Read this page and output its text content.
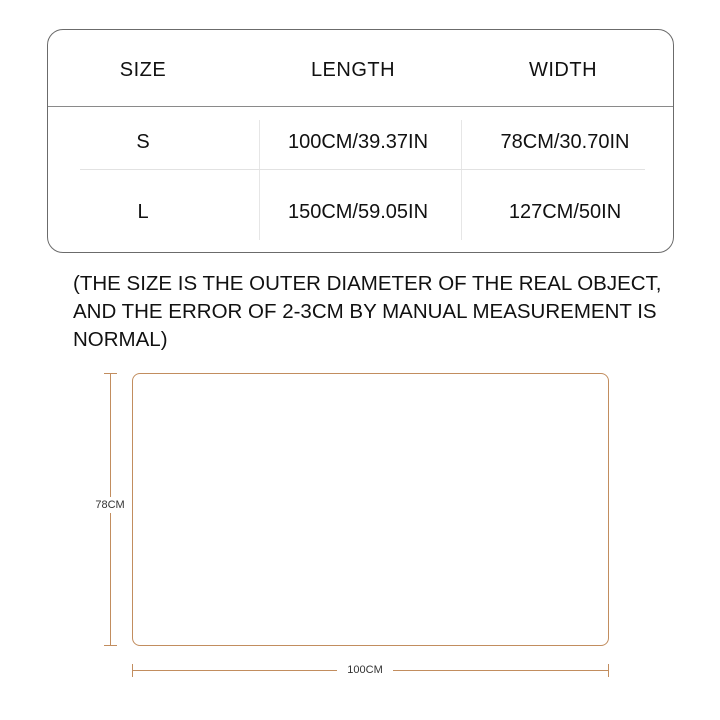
SIZE	LENGTH	WIDTH
S	100CM/39.37IN	78CM/30.70IN
L	150CM/59.05IN	127CM/50IN

(THE SIZE IS THE OUTER DIAMETER OF THE REAL OBJECT, AND THE ERROR OF 2-3CM BY MANUAL MEASUREMENT IS NORMAL)

78CM
100CM
